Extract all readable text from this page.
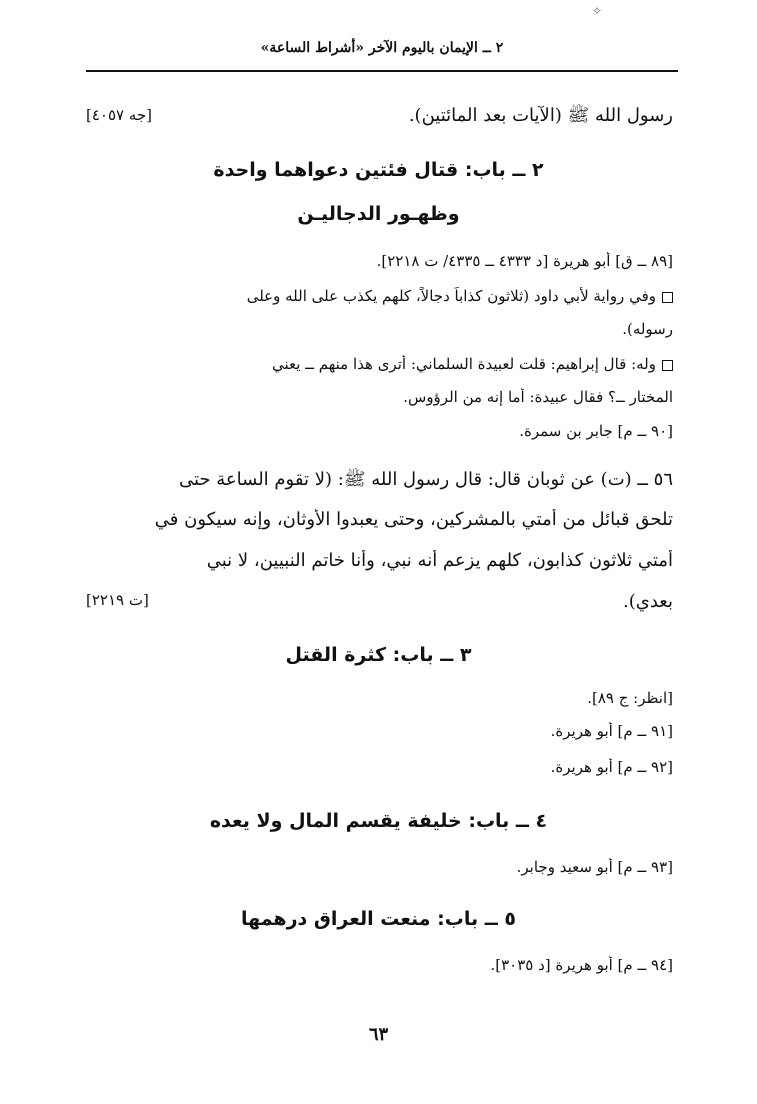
✧
٢ ــ الإيمان باليوم الآخر «أشراط الساعة»
رسول الله ﷺ (الآيات بعد المائتين).
[جه ٤٠٥٧]
٢ ــ باب: قتال فئتين دعواهما واحدة
وظهـور الدجاليـن
[٨٩ ــ ق] أبو هريرة [د ٤٣٣٣ ــ ٤٣٣٥/ ت ٢٢١٨].
وفي رواية لأبي داود (ثلاثون كذاباً دجالاً، كلهم يكذب على الله وعلى
رسوله).
وله: قال إبراهيم: قلت لعبيدة السلماني: أترى هذا منهم ــ يعني
المختار ــ؟ فقال عبيدة: أما إنه من الرؤوس.
[٩٠ ــ م] جابر بن سمرة.
٥٦ ــ (ت) عن ثوبان قال: قال رسول الله ﷺ: (لا تقوم الساعة حتى
تلحق قبائل من أمتي بالمشركين، وحتى يعبدوا الأوثان، وإنه سيكون في
أمتي ثلاثون كذابون، كلهم يزعم أنه نبي، وأنا خاتم النبيين، لا نبي
بعدي).
[ت ٢٢١٩]
٣ ــ باب: كثرة القتل
[انظر: ج ٨٩].
[٩١ ــ م] أبو هريرة.
[٩٢ ــ م] أبو هريرة.
٤ ــ باب: خليفة يقسم المال ولا يعده
[٩٣ ــ م] أبو سعيد وجابر.
٥ ــ باب: منعت العراق درهمها
[٩٤ ــ م] أبو هريرة [د ٣٠٣٥].
٦٣
